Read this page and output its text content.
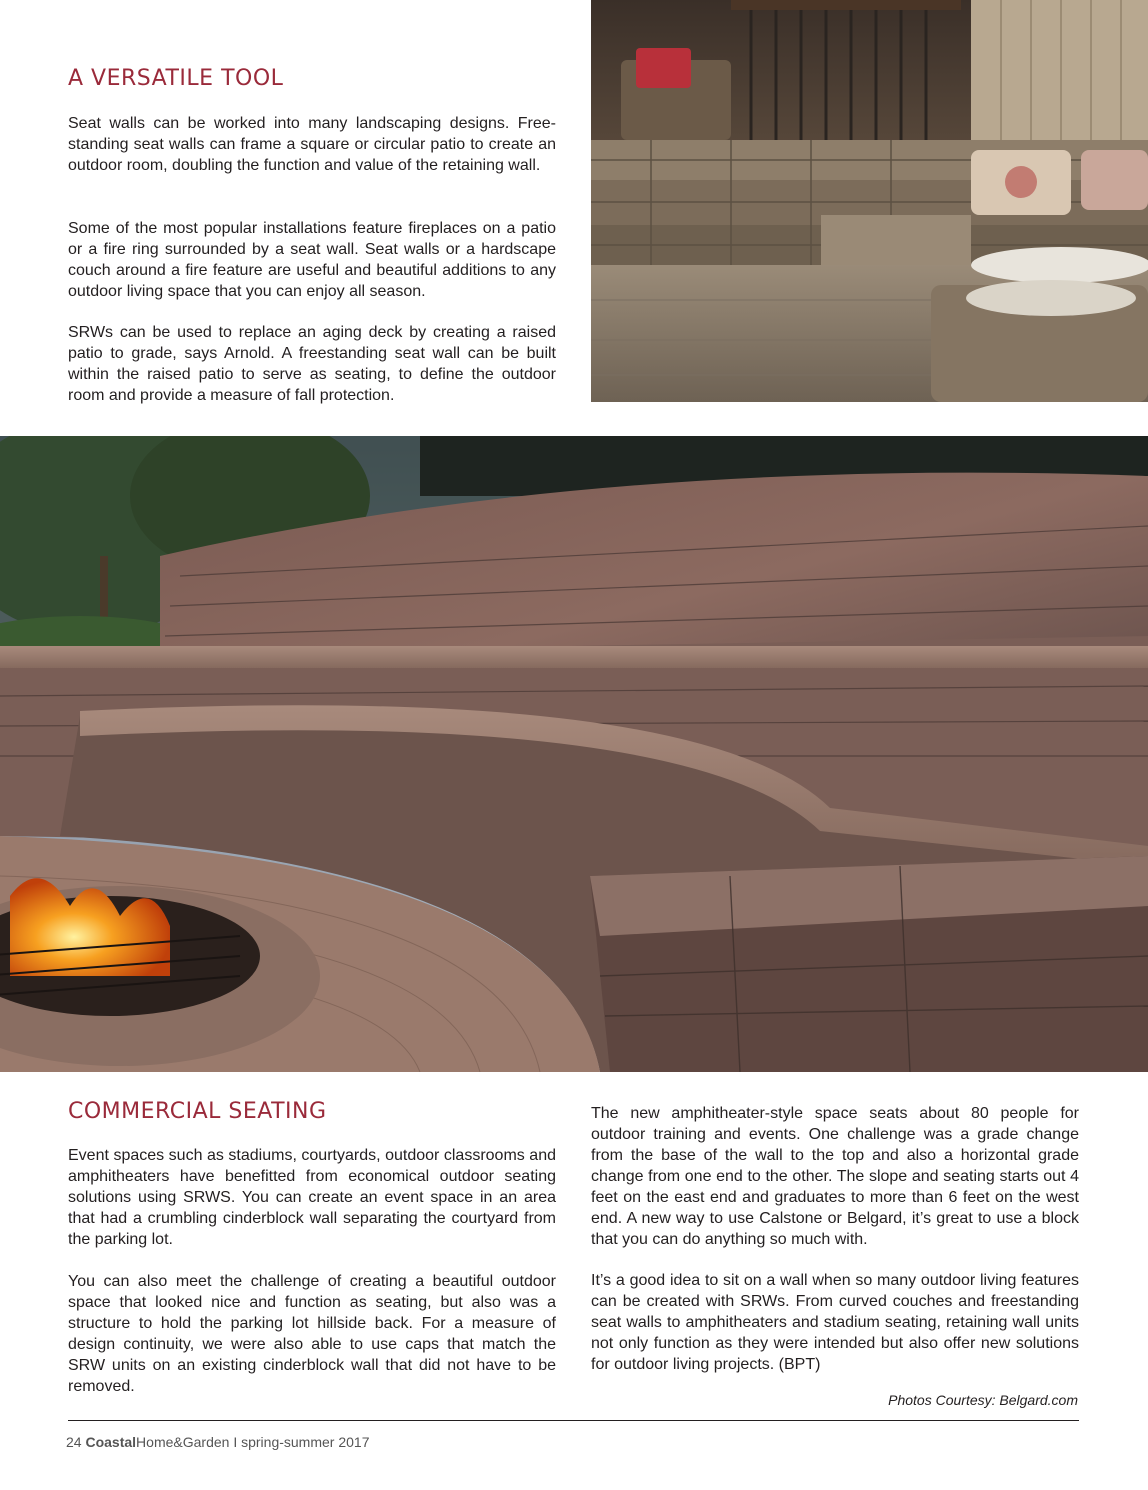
A VERSATILE TOOL

Seat walls can be worked into many landscaping designs. Free-standing seat walls can frame a square or circular patio to create an outdoor room, doubling the function and value of the retaining wall.

Some of the most popular installations feature fireplaces on a patio or a fire ring surrounded by a seat wall. Seat walls or a hardscape couch around a fire feature are useful and beautiful additions to any outdoor living space that you can enjoy all season.

SRWs can be used to replace an aging deck by creating a raised patio to grade, says Arnold. A freestanding seat wall can be built within the raised patio to serve as seating, to define the outdoor room and provide a measure of fall protection.

COMMERCIAL SEATING

Event spaces such as stadiums, courtyards, outdoor classrooms and amphitheaters have benefitted from economical outdoor seating solutions using SRWS. You can create an event space in an area that had a crumbling cinderblock wall separating the courtyard from the parking lot.

You can also meet the challenge of creating a beautiful outdoor space that looked nice and function as seating, but also was a structure to hold the parking lot hillside back. For a measure of design continuity, we were also able to use caps that match the SRW units on an existing cinderblock wall that did not have to be removed.

The new amphitheater-style space seats about 80 people for outdoor training and events. One challenge was a grade change from the base of the wall to the top and also a horizontal grade change from one end to the other. The slope and seating starts out 4 feet on the east end and graduates to more than 6 feet on the west end. A new way to use Calstone or Belgard, it’s great to use a block that you can do anything so much with.

It’s a good idea to sit on a wall when so many outdoor living features can be created with SRWs. From curved couches and freestanding seat walls to amphitheaters and stadium seating, retaining wall units not only function as they were intended but also offer new solutions for outdoor living projects. (BPT)

Photos Courtesy: Belgard.com

24 CoastalHome&Garden I spring-summer 2017
